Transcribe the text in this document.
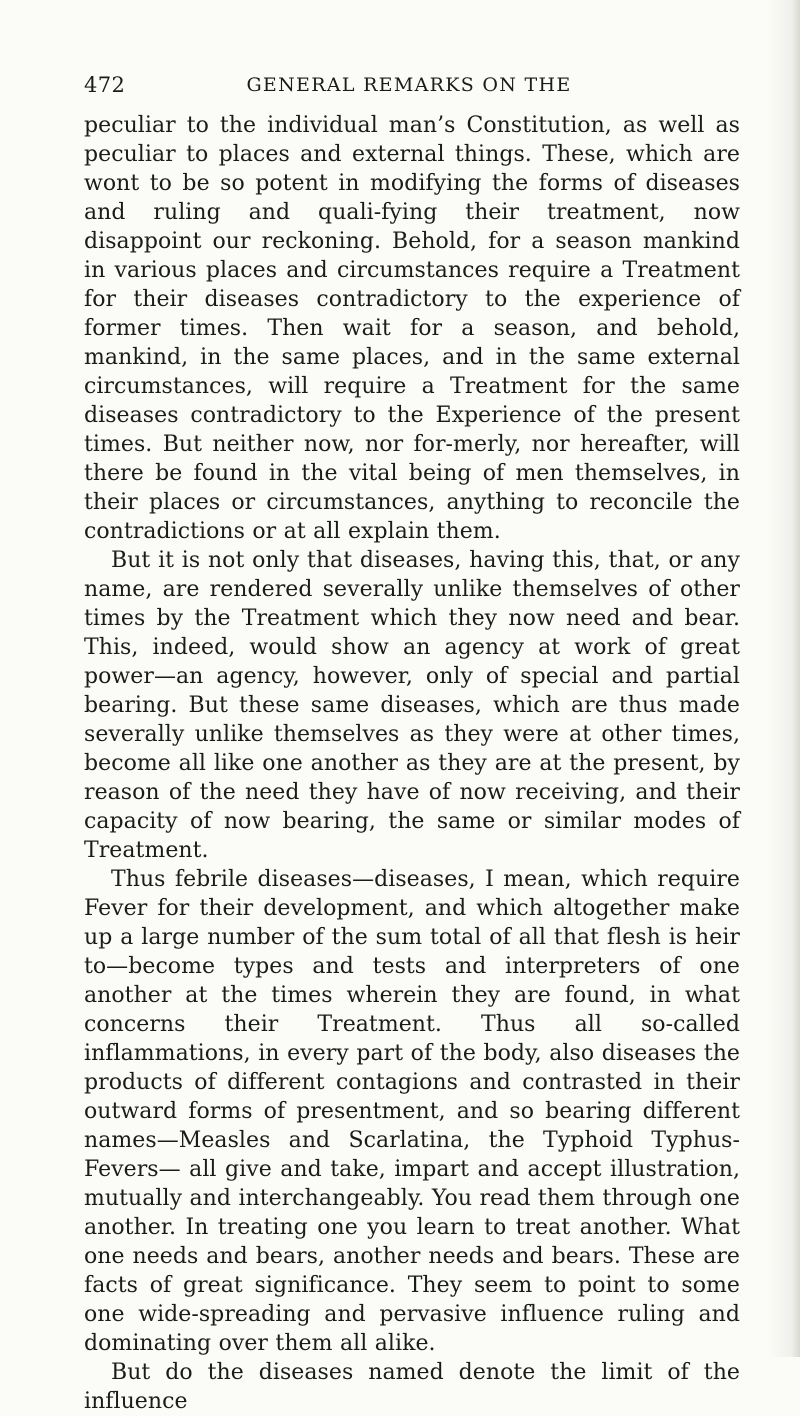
472	GENERAL REMARKS ON THE

peculiar to the individual man’s Constitution, as well as peculiar to places and external things. These, which are wont to be so potent in modifying the forms of diseases and ruling and quali-fying their treatment, now disappoint our reckoning. Behold, for a season mankind in various places and circumstances require a Treatment for their diseases contradictory to the experience of former times. Then wait for a season, and behold, mankind, in the same places, and in the same external circumstances, will require a Treatment for the same diseases contradictory to the Experience of the present times. But neither now, nor for-merly, nor hereafter, will there be found in the vital being of men themselves, in their places or circumstances, anything to reconcile the contradictions or at all explain them.

But it is not only that diseases, having this, that, or any name, are rendered severally unlike themselves of other times by the Treatment which they now need and bear. This, indeed, would show an agency at work of great power—an agency, however, only of special and partial bearing. But these same diseases, which are thus made severally unlike themselves as they were at other times, become all like one another as they are at the present, by reason of the need they have of now receiving, and their capacity of now bearing, the same or similar modes of Treatment.

Thus febrile diseases—diseases, I mean, which require Fever for their development, and which altogether make up a large number of the sum total of all that flesh is heir to—become types and tests and interpreters of one another at the times wherein they are found, in what concerns their Treatment. Thus all so-called inflammations, in every part of the body, also diseases the products of different contagions and contrasted in their outward forms of presentment, and so bearing different names—Measles and Scarlatina, the Typhoid Typhus-Fevers— all give and take, impart and accept illustration, mutually and interchangeably. You read them through one another. In treating one you learn to treat another. What one needs and bears, another needs and bears. These are facts of great significance. They seem to point to some one wide-spreading and pervasive influence ruling and dominating over them all alike.

But do the diseases named denote the limit of the influence
